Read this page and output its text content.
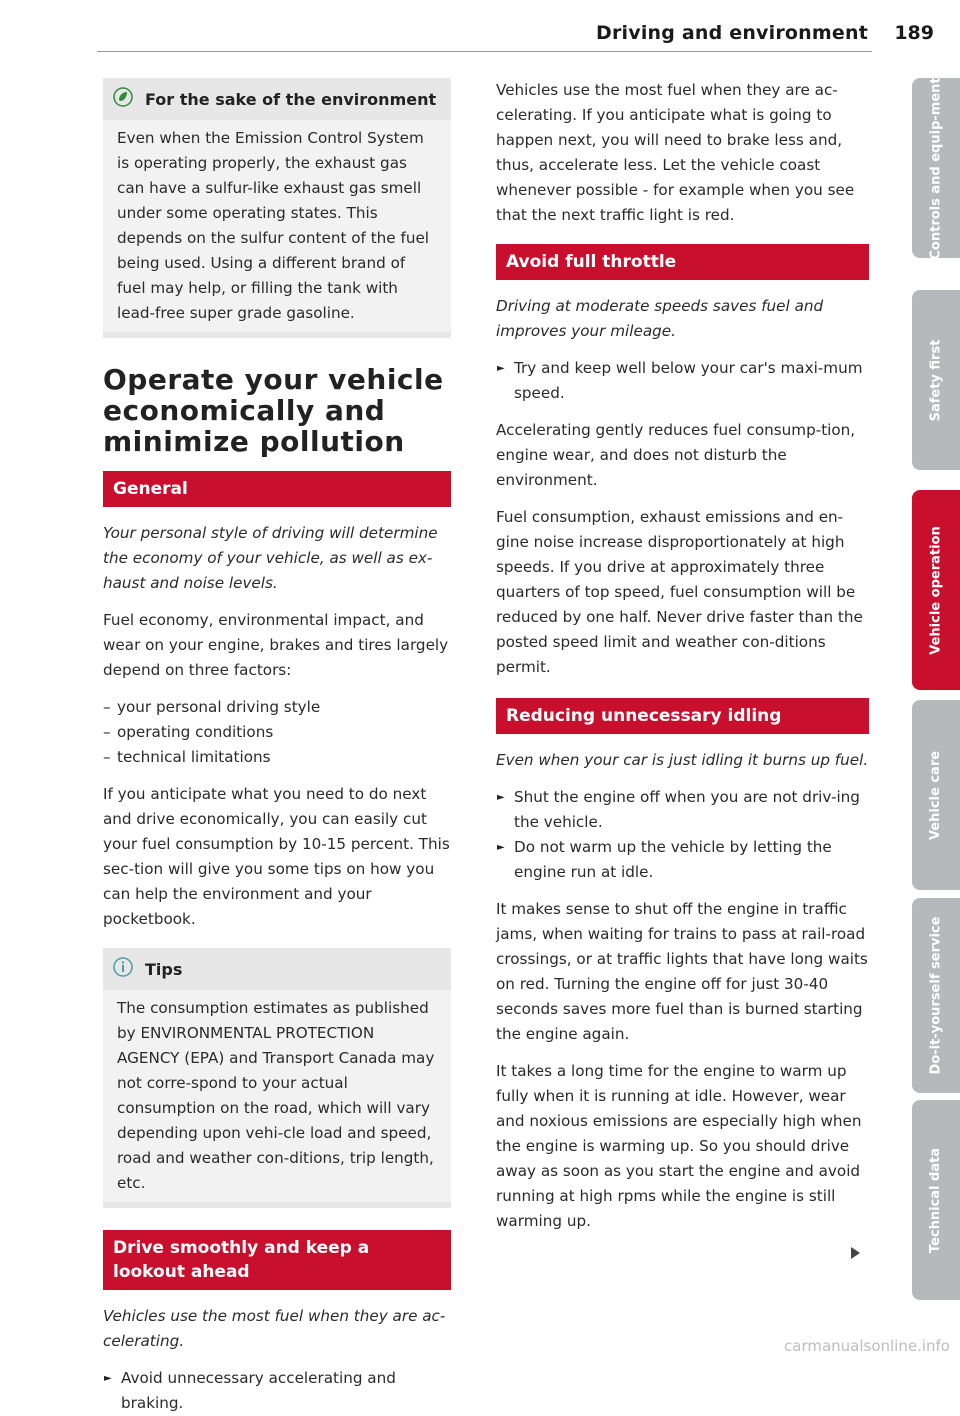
Driving and environment 189
For the sake of the environment

Even when the Emission Control System is operating properly, the exhaust gas can have a sulfur-like exhaust gas smell under some operating states. This depends on the sulfur content of the fuel being used. Using a different brand of fuel may help, or filling the tank with lead-free super grade gasoline.

Operate your vehicle economically and minimize pollution
General

Your personal style of driving will determine the economy of your vehicle, as well as ex-haust and noise levels.

Fuel economy, environmental impact, and wear on your engine, brakes and tires largely depend on three factors:

– your personal driving style

– operating conditions

– technical limitations

If you anticipate what you need to do next and drive economically, you can easily cut your fuel consumption by 10-15 percent. This sec-tion will give you some tips on how you can help the environment and your pocketbook.

Tips

The consumption estimates as published by ENVIRONMENTAL PROTECTION AGENCY (EPA) and Transport Canada may not corre-spond to your actual consumption on the road, which will vary depending upon vehi-cle load and speed, road and weather con-ditions, trip length, etc.

Drive smoothly and keep a lookout ahead

Vehicles use the most fuel when they are ac-celerating.

► Avoid unnecessary accelerating and braking.

Vehicles use the most fuel when they are ac-celerating. If you anticipate what is going to happen next, you will need to brake less and, thus, accelerate less. Let the vehicle coast whenever possible - for example when you see that the next traffic light is red.

Avoid full throttle

Driving at moderate speeds saves fuel and improves your mileage.

► Try and keep well below your car's maxi-mum speed.

Accelerating gently reduces fuel consump-tion, engine wear, and does not disturb the environment.

Fuel consumption, exhaust emissions and en-gine noise increase disproportionately at high speeds. If you drive at approximately three quarters of top speed, fuel consumption will be reduced by one half. Never drive faster than the posted speed limit and weather con-ditions permit.

Reducing unnecessary idling

Even when your car is just idling it burns up fuel.

► Shut the engine off when you are not driv-ing the vehicle.

► Do not warm up the vehicle by letting the engine run at idle.

It makes sense to shut off the engine in traffic jams, when waiting for trains to pass at rail-road crossings, or at traffic lights that have long waits on red. Turning the engine off for just 30-40 seconds saves more fuel than is burned starting the engine again.

It takes a long time for the engine to warm up fully when it is running at idle. However, wear and noxious emissions are especially high when the engine is warming up. So you should drive away as soon as you start the engine and avoid running at high rpms while the engine is still warming up.

Controls and equip-ment
Safety first
Vehicle operation
Vehicle care
Do-it-yourself service
Technical data
carmanualsonline.info
